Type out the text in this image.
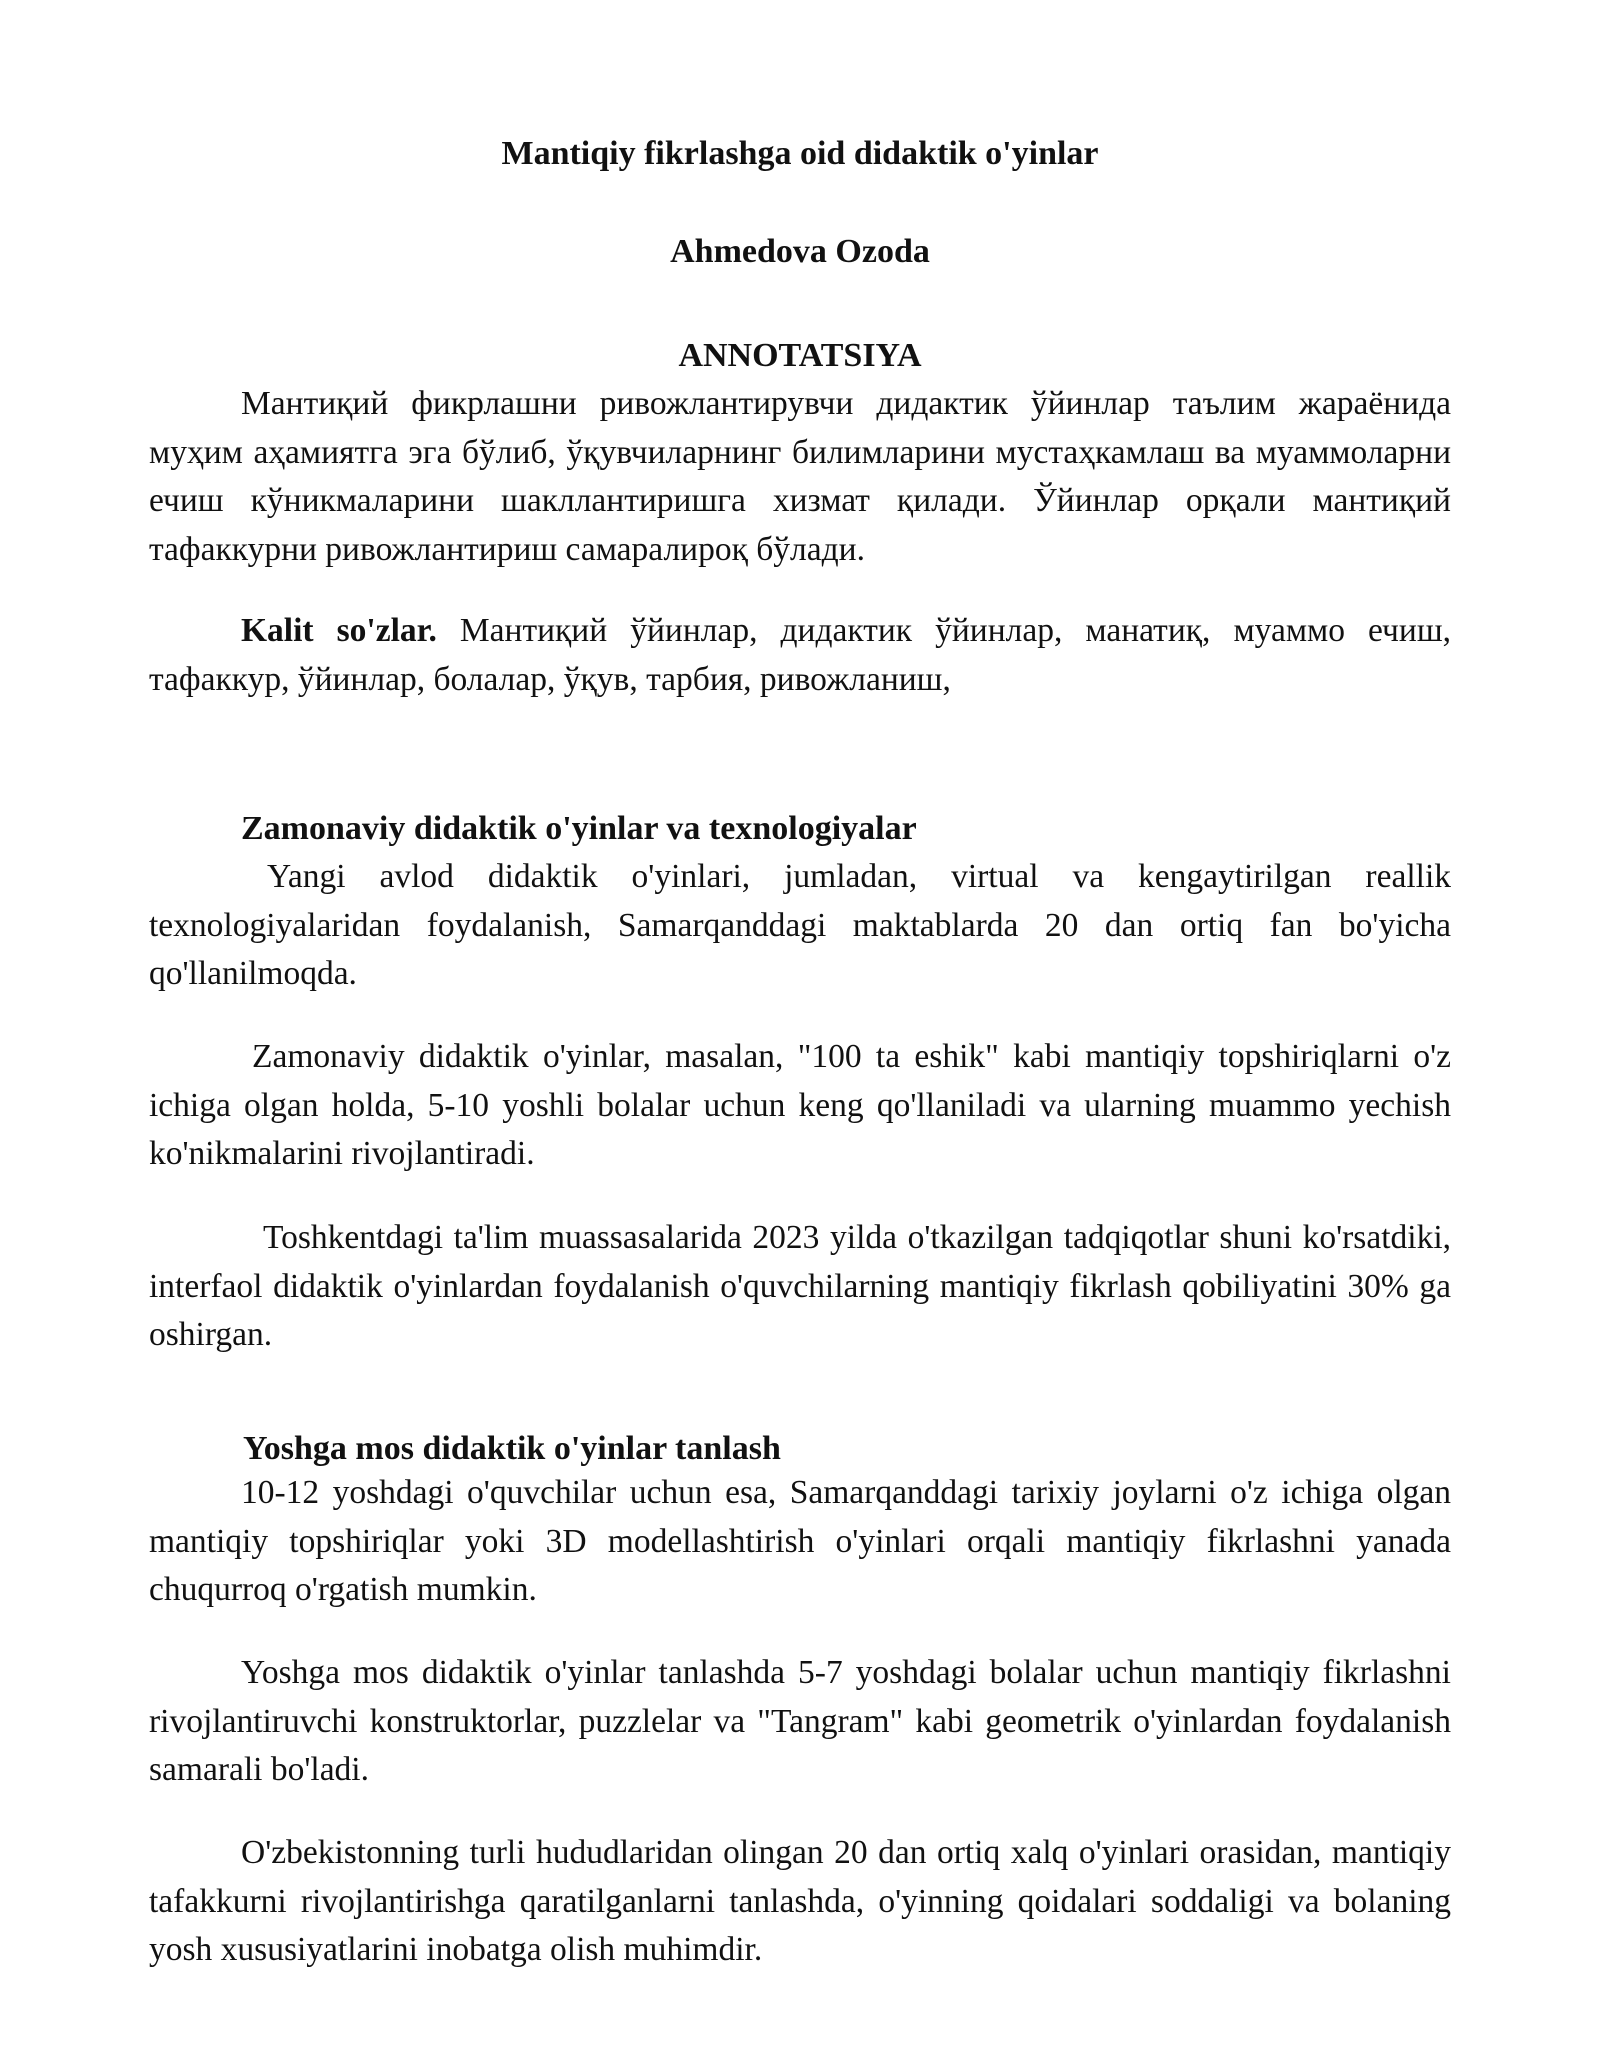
Mantiqiy fikrlashga oid didaktik o'yinlar
Ahmedova Ozoda
ANNOTATSIYA

Мантиқий фикрлашни ривожлантирувчи дидактик ўйинлар таълим жараёнида муҳим аҳамиятга эга бўлиб, ўқувчиларнинг билимларини мустаҳкамлаш ва муаммоларни ечиш кўникмаларини шакллантиришга хизмат қилади. Ўйинлар орқали мантиқий тафаккурни ривожлантириш самаралироқ бўлади.

Kalit so'zlar. Мантиқий ўйинлар, дидактик ўйинлар, манатиқ, муаммо ечиш, тафаккур, ўйинлар, болалар, ўқув, тарбия, ривожланиш,

Zamonaviy didaktik o'yinlar va texnologiyalar

Yangi avlod didaktik o'yinlari, jumladan, virtual va kengaytirilgan reallik texnologiyalaridan foydalanish, Samarqanddagi maktablarda 20 dan ortiq fan bo'yicha qo'llanilmoqda.

Zamonaviy didaktik o'yinlar, masalan, "100 ta eshik" kabi mantiqiy topshiriqlarni o'z ichiga olgan holda, 5-10 yoshli bolalar uchun keng qo'llaniladi va ularning muammo yechish ko'nikmalarini rivojlantiradi.

Toshkentdagi ta'lim muassasalarida 2023 yilda o'tkazilgan tadqiqotlar shuni ko'rsatdiki, interfaol didaktik o'yinlardan foydalanish o'quvchilarning mantiqiy fikrlash qobiliyatini 30% ga oshirgan.

Yoshga mos didaktik o'yinlar tanlash

10-12 yoshdagi o'quvchilar uchun esa, Samarqanddagi tarixiy joylarni o'z ichiga olgan mantiqiy topshiriqlar yoki 3D modellashtirish o'yinlari orqali mantiqiy fikrlashni yanada chuqurroq o'rgatish mumkin.

Yoshga mos didaktik o'yinlar tanlashda 5-7 yoshdagi bolalar uchun mantiqiy fikrlashni rivojlantiruvchi konstruktorlar, puzzlelar va "Tangram" kabi geometrik o'yinlardan foydalanish samarali bo'ladi.

O'zbekistonning turli hududlaridan olingan 20 dan ortiq xalq o'yinlari orasidan, mantiqiy tafakkurni rivojlantirishga qaratilganlarni tanlashda, o'yinning qoidalari soddaligi va bolaning yosh xususiyatlarini inobatga olish muhimdir.
